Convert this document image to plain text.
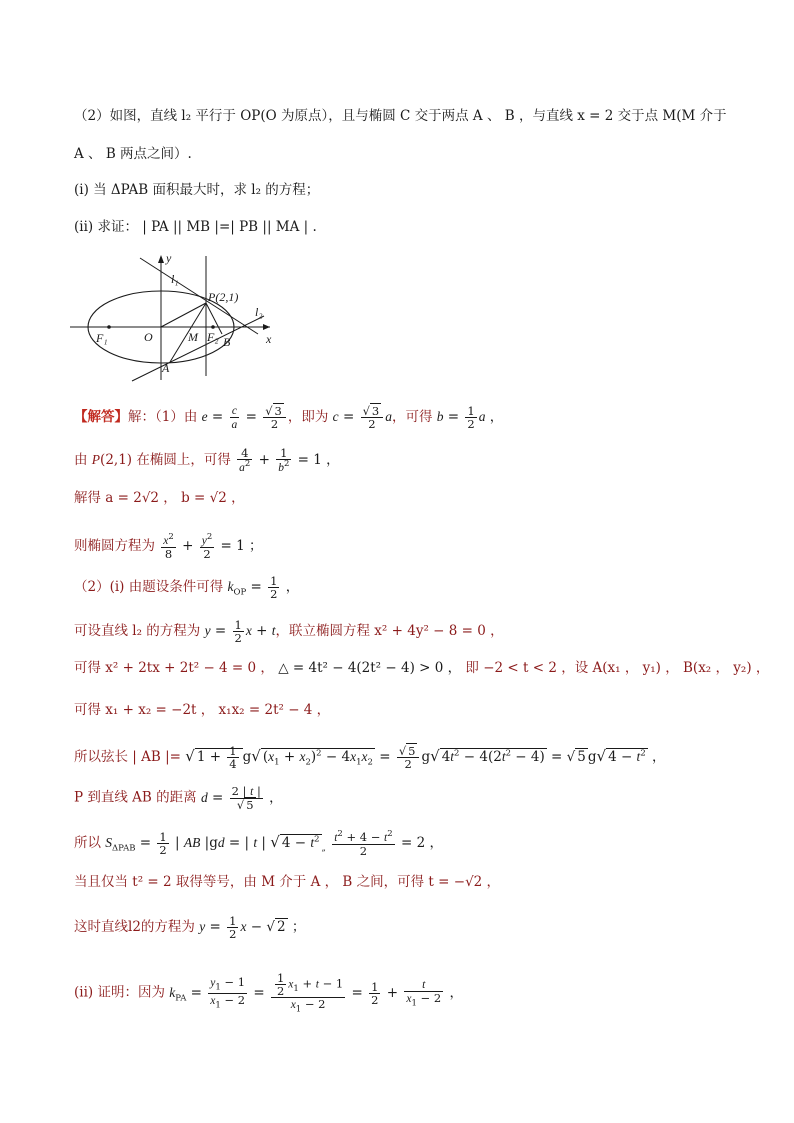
（2）如图，直线 l₂ 平行于 OP(O 为原点），且与椭圆 C 交于两点 A 、 B ，与直线 x = 2 交于点 M(M 介于
A 、 B 两点之间）.
(i) 当 ΔPAB 面积最大时，求 l₂ 的方程；
(ii) 求证： | PA || MB |=| PB || MA | .
y
x
l₁
l₂
P(2,1)
O
F₁	F₂
M
A
B
【解答】解：（1）由 $e = \frac{c}{a} = \frac{√ 3}{2}$ ，即为 $c = \frac{√ 3}{2}$ a，可得 $b = \frac{1}{2}$ a ，
由 P(2,1) 在椭圆上，可得 $\frac{4}{a^2} + \frac{1}{b^2} = 1$ ，
解得 a = 2√2 ， b = √2 ，
则椭圆方程为 $\frac{x^2}{8} + \frac{y^2}{2} = 1$ ；
（2）(i) 由题设条件可得 $k_{OP} = \frac{1}{2}$ ，
可设直线 l₂ 的方程为 $y = \frac{1}{2}$ x + t，联立椭圆方程 x² + 4y² − 8 = 0 ，
可得 x² + 2tx + 2t² − 4 = 0 ， △ = 4t² − 4(2t² − 4) > 0 ， 即 −2 < t < 2 ，设 A(x₁ ， y₁) ， B(x₂ ， y₂) ，
可得 x₁ + x₂ = −2t ， x₁x₂ = 2t² − 4 ，
所以弦长 | AB |= √ $1 + \frac{1}{4} g√$ $(x_1 + x_2)^2 - 4x_1x_2 = \frac{√ 5}{2} g√$ $4t^2 - 4(2t^2 - 4)$ = √ 5 g√ $4 - t^2$ ，
P 到直线 AB 的距离 $d = \frac{2 | t |}{√ 5}$ ，
所以 $S_{\Delta PAB} = \frac{1}{2}$ | AB |gd = | t | √ $4 - t^2_„ \frac{t^2 + 4 - t^2}{2} = 2$ ，
当且仅当 t² = 2 取得等号，由 M 介于 A ， B 之间，可得 t = −√2 ，
这时直线l2的方程为 $y = \frac{1}{2}$ x − √ 2 ；
(ii) 证明：因为 $k_{PA} = \frac{y_1 - 1}{x_1 - 2} = \frac{\frac{1}{2} x_1 + t - 1}{x_1 - 2} = \frac{1}{2} + \frac{t}{x_1 - 2}$ ，
